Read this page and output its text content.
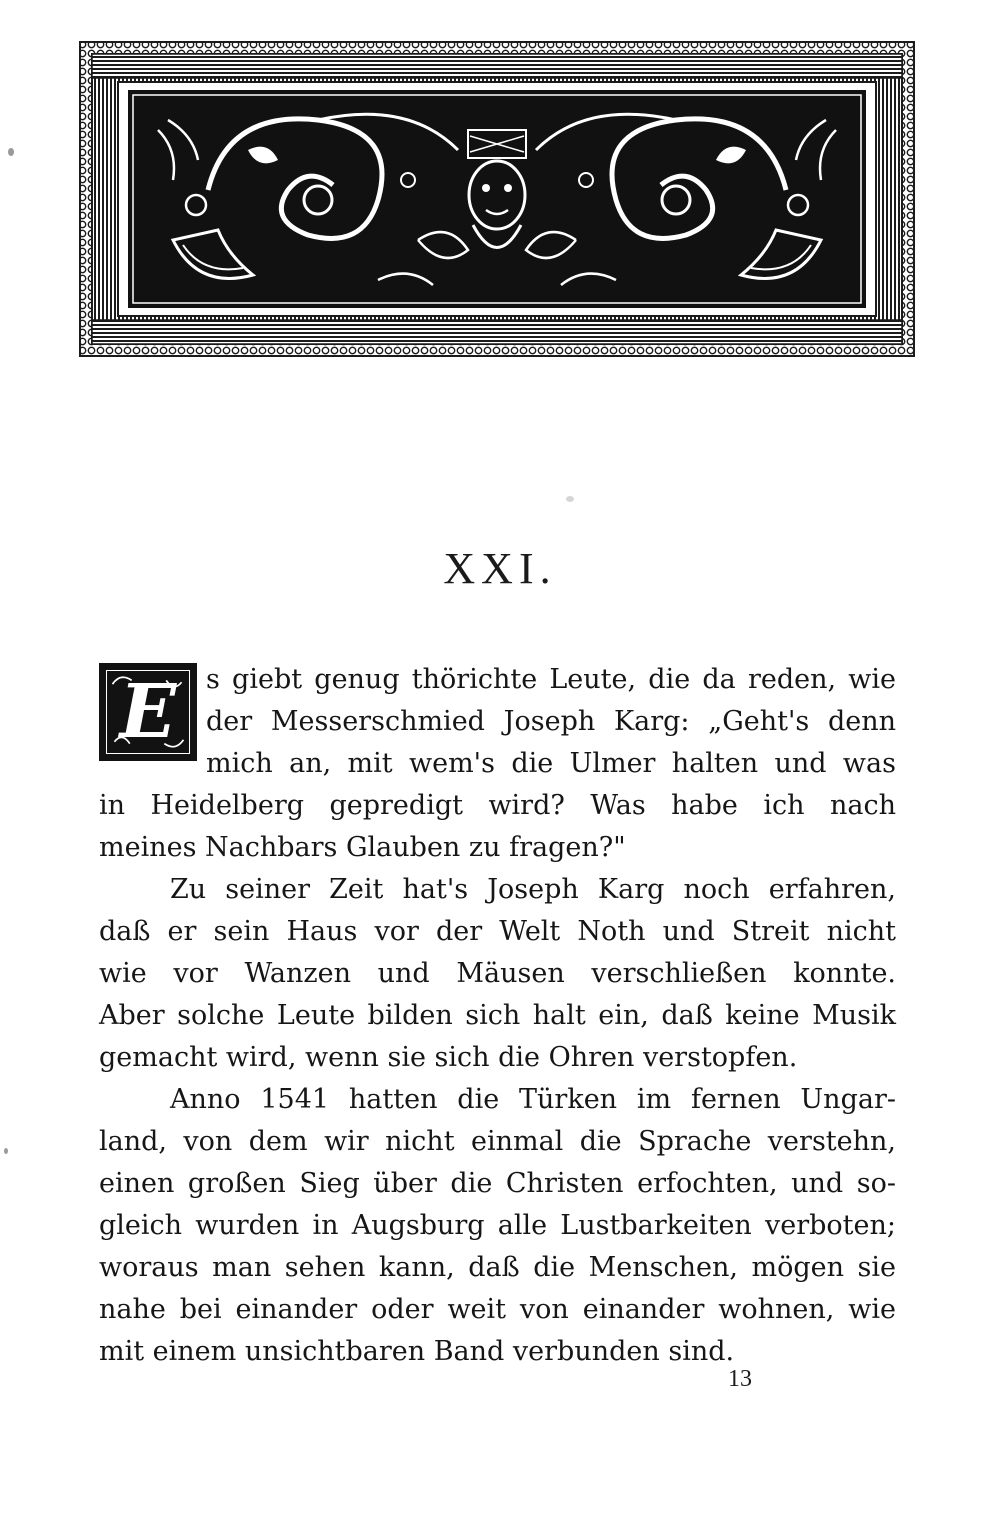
XXI.
E	s giebt genug thörichte Leute, die da reden, wie
der Messerschmied Joseph Karg: „Geht's denn
mich an, mit wem's die Ulmer halten und was
in Heidelberg gepredigt wird? Was habe ich nach
meines Nachbars Glauben zu fragen?"
Zu seiner Zeit hat's Joseph Karg noch erfahren,
daß er sein Haus vor der Welt Noth und Streit nicht
wie vor Wanzen und Mäusen verschließen konnte.
Aber solche Leute bilden sich halt ein, daß keine Musik
gemacht wird, wenn sie sich die Ohren verstopfen.
Anno 1541 hatten die Türken im fernen Ungar-
land, von dem wir nicht einmal die Sprache verstehn,
einen großen Sieg über die Christen erfochten, und so-
gleich wurden in Augsburg alle Lustbarkeiten verboten;
woraus man sehen kann, daß die Menschen, mögen sie
nahe bei einander oder weit von einander wohnen, wie
mit einem unsichtbaren Band verbunden sind.
13
